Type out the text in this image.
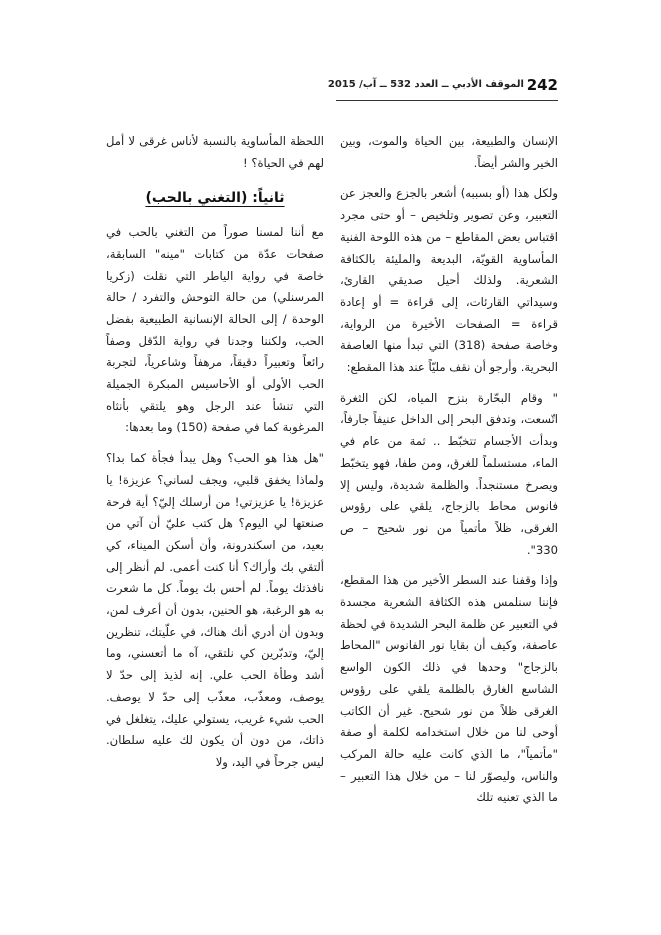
242
الموقف الأدبي ــ العدد 532 ــ آب/ 2015

الإنسان والطبيعة، بين الحياة والموت، وبين الخير والشر أيضاً.

ولكل هذا (أو بسببه) أشعر بالجزع والعجز عن التعبير، وعن تصوير وتلخيص – أو حتى مجرد اقتباس بعض المقاطع – من هذه اللوحة الفنية المأساوية القويّة، البديعة والمليئة بالكثافة الشعرية. ولذلك أحيل صديقي القارئ، وسيداتي القارئات، إلى قراءة = أو إعادة قراءة = الصفحات الأخيرة من الرواية، وخاصة صفحة (318) التي تبدأ منها العاصفة البحرية. وأرجو أن نقف مليّاً عند هذا المقطع:

" وقام البحّارة بنزح المياه، لكن الثغرة اتّسعت، وتدفق البحر إلى الداخل عنيفاً جارفاً، وبدأت الأجسام تتخبّط .. ثمة من عام في الماء، مستسلماً للغرق، ومن طفا، فهو يتخبّط ويصرخ مستنجداً. والظلمة شديدة، وليس إلا فانوس محاط بالزجاج، يلقي على رؤوس الغرقى، ظلاً مأتمياً من نور شحيح – ص 330".

وإذا وقفنا عند السطر الأخير من هذا المقطع، فإننا سنلمس هذه الكثافة الشعرية مجسدة في التعبير عن ظلمة البحر الشديدة في لحظة عاصفة، وكيف أن بقايا نور الفانوس "المحاط بالزجاج" وحدها في ذلك الكون الواسع الشاسع الغارق بالظلمة يلقي على رؤوس الغرقى ظلاً من نور شحيح. غير أن الكاتب أوحى لنا من خلال استخدامه لكلمة أو صفة "مأتمياً"، ما الذي كانت عليه حالة المركب والناس، وليصوّر لنا – من خلال هذا التعبير – ما الذي تعنيه تلك

اللحظة المأساوية بالنسبة لأناس غرقى لا أمل لهم في الحياة؟ !

ثانياً: (التغني بالحب)

مع أننا لمسنا صوراً من التغني بالحب في صفحات عدّة من كتابات "مينه" السابقة، خاصة في رواية الياطر التي نقلت (زكريا المرسنلي) من حالة التوحش والتفرد / حالة الوحدة / إلى الحالة الإنسانية الطبيعية بفضل الحب، ولكننا وجدنا في رواية الدّقل وصفاً رائعاً وتعبيراً دقيقاً، مرهفاً وشاعرياً، لتجربة الحب الأولى أو الأحاسيس المبكرة الجميلة التي تنشأ عند الرجل وهو يلتقي بأنثاه المرغوبة كما في صفحة (150) وما بعدها:

"هل هذا هو الحب؟ وهل يبدأ فجأة كما بدا؟ ولماذا يخفق قلبي، ويجف لساني؟ عزيزة! يا عزيزة! يا عزيزتي! من أرسلك إليّ؟ أية فرحة صنعتها لي اليوم؟ هل كتب عليّ أن آتي من بعيد، من اسكندرونة، وأن أسكن الميناء، كي ألتقي بك وأراك؟ أنا كنت أعمى. لم أنظر إلى نافذتك يوماً. لم أحس بك يوماً. كل ما شعرت به هو الرغبة، هو الحنين، بدون أن أعرف لمن، وبدون أن أدري أنك هناك، في علّيتك، تنظرين إليّ، وتدبّرين كي نلتقي، آه ما أتعسني، وما أشد وطأة الحب علي. إنه لذيذ إلى حدّ لا يوصف، ومعذّب، معذّب إلى حدّ لا يوصف. الحب شيء غريب، يستولي عليك، يتغلغل في ذاتك، من دون أن يكون لك عليه سلطان. ليس جرحاً في اليد، ولا
